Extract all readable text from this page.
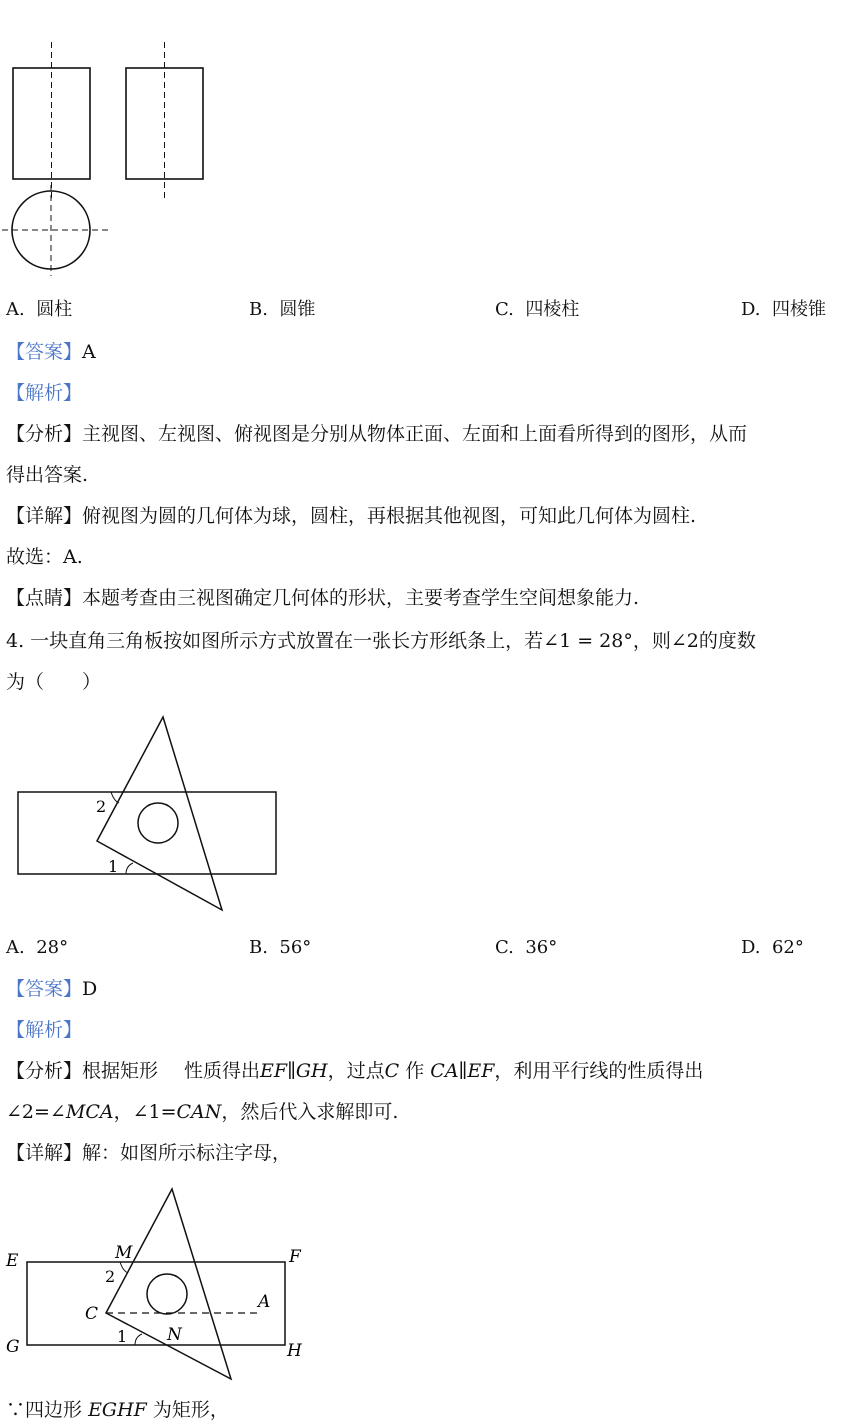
A. 圆柱	B. 圆锥	C. 四棱柱	D. 四棱锥
【答案】A
【解析】
【分析】主视图、左视图、俯视图是分别从物体正面、左面和上面看所得到的图形，从而
得出答案.
【详解】俯视图为圆的几何体为球，圆柱，再根据其他视图，可知此几何体为圆柱.
故选：A.
【点睛】本题考查由三视图确定几何体的形状，主要考查学生空间想象能力.
4. 一块直角三角板按如图所示方式放置在一张长方形纸条上，若∠1 = 28°，则∠2的度数
为（　　）
2
1
A. 28°	B. 56°	C. 36°	D. 62°
【答案】D
【解析】
【分析】根据矩形 性质得出EF∥GH，过点C 作 CA∥EF，利用平行线的性质得出
∠2=∠MCA，∠1=CAN，然后代入求解即可.
【详解】解：如图所示标注字母，
E	F
G	H
M
C
A
N
2
1
∵四边形 EGHF 为矩形，
